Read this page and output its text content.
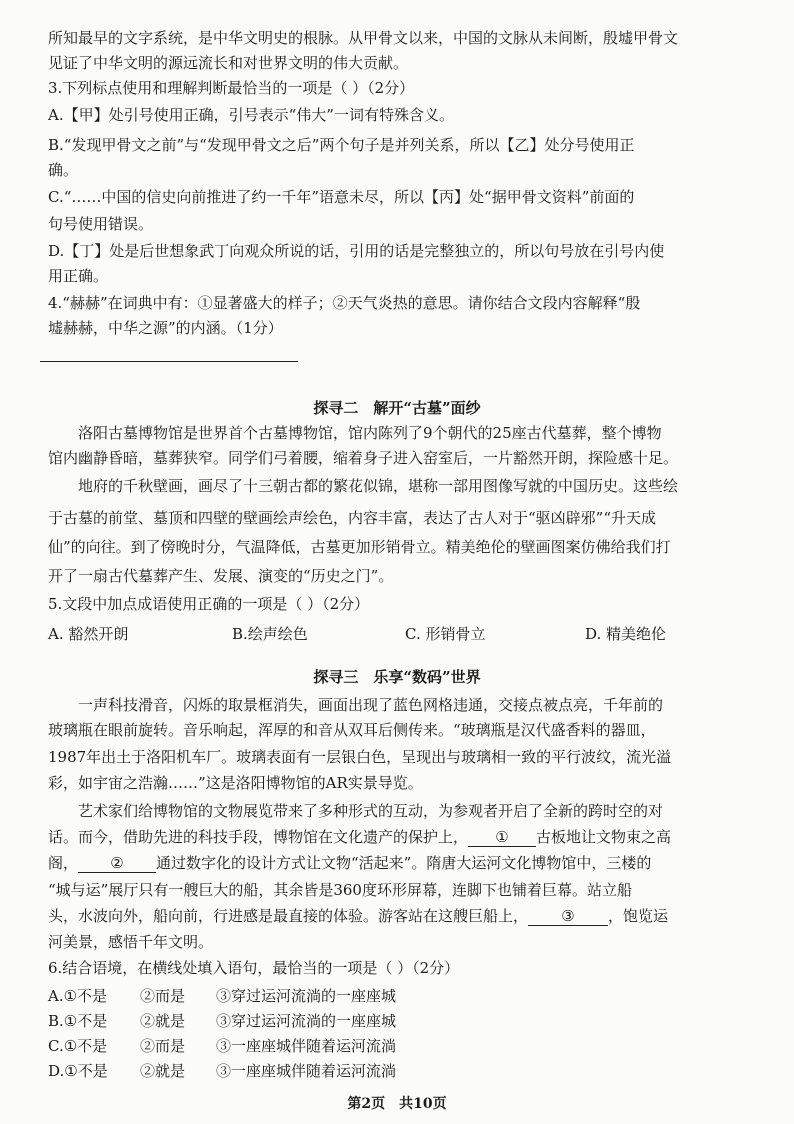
所知最早的文字系统，是中华文明史的根脉。从甲骨文以来，中国的文脉从未间断，殷墟甲骨文
见证了中华文明的源远流长和对世界文明的伟大贡献。
3.下列标点使用和理解判断最恰当的一项是（ ）（2分）
A.【甲】处引号使用正确，引号表示“伟大”一词有特殊含义。
B.“发现甲骨文之前”与“发现甲骨文之后”两个句子是并列关系，所以【乙】处分号使用正
确。
C.“……中国的信史向前推进了约一千年”语意未尽，所以【丙】处“据甲骨文资料”前面的
句号使用错误。
D.【丁】处是后世想象武丁向观众所说的话，引用的话是完整独立的，所以句号放在引号内使
用正确。
4.“赫赫”在词典中有：①显著盛大的样子；②天气炎热的意思。请你结合文段内容解释“殷
墟赫赫，中华之源”的内涵。（1分）
探寻二　解开“古墓”面纱
洛阳古墓博物馆是世界首个古墓博物馆，馆内陈列了9个朝代的25座古代墓葬，整个博物
馆内幽静昏暗，墓葬狭窄。同学们弓着腰，缩着身子进入窑室后，一片豁然开朗，探险感十足。
地府的千秋壁画，画尽了十三朝古都的繁花似锦，堪称一部用图像写就的中国历史。这些绘
于古墓的前堂、墓顶和四壁的壁画绘声绘色，内容丰富，表达了古人对于“驱凶辟邪”“升天成
仙”的向往。到了傍晚时分，气温降低，古墓更加形销骨立。精美绝伦的壁画图案仿佛给我们打
开了一扇古代墓葬产生、发展、演变的“历史之门”。
5.文段中加点成语使用正确的一项是（ ）（2分）
A. 豁然开朗	B.绘声绘色	C. 形销骨立	D. 精美绝伦
探寻三　乐享“数码”世界
一声科技滑音，闪烁的取景框消失，画面出现了蓝色网格违通，交接点被点亮，千年前的
玻璃瓶在眼前旋转。音乐响起，浑厚的和音从双耳后侧传来。“玻璃瓶是汉代盛香料的器皿，
1987年出土于洛阳机车厂。玻璃表面有一层银白色，呈现出与玻璃相一致的平行波纹，流光溢
彩，如宇宙之浩瀚……”这是洛阳博物馆的AR实景导览。
艺术家们给博物馆的文物展览带来了多种形式的互动，为参观者开启了全新的跨时空的对
话。而今，借助先进的科技手段，博物馆在文化遗产的保护上， ① 古板地让文物束之高
阁， ② 通过数字化的设计方式让文物“活起来”。隋唐大运河文化博物馆中，三楼的
“城与运”展厅只有一艘巨大的船，其余皆是360度环形屏幕，连脚下也铺着巨幕。站立船
头，水波向外，船向前，行进感是最直接的体验。游客站在这艘巨船上， ③ ，饱览运
河美景，感悟千年文明。
6.结合语境，在横线处填入语句，最恰当的一项是（ ）（2分）
A.①不是 ②而是 ③穿过运河流淌的一座座城
B.①不是 ②就是 ③穿过运河流淌的一座座城
C.①不是 ②而是 ③一座座城伴随着运河流淌
D.①不是 ②就是 ③一座座城伴随着运河流淌
第2页　共10页
